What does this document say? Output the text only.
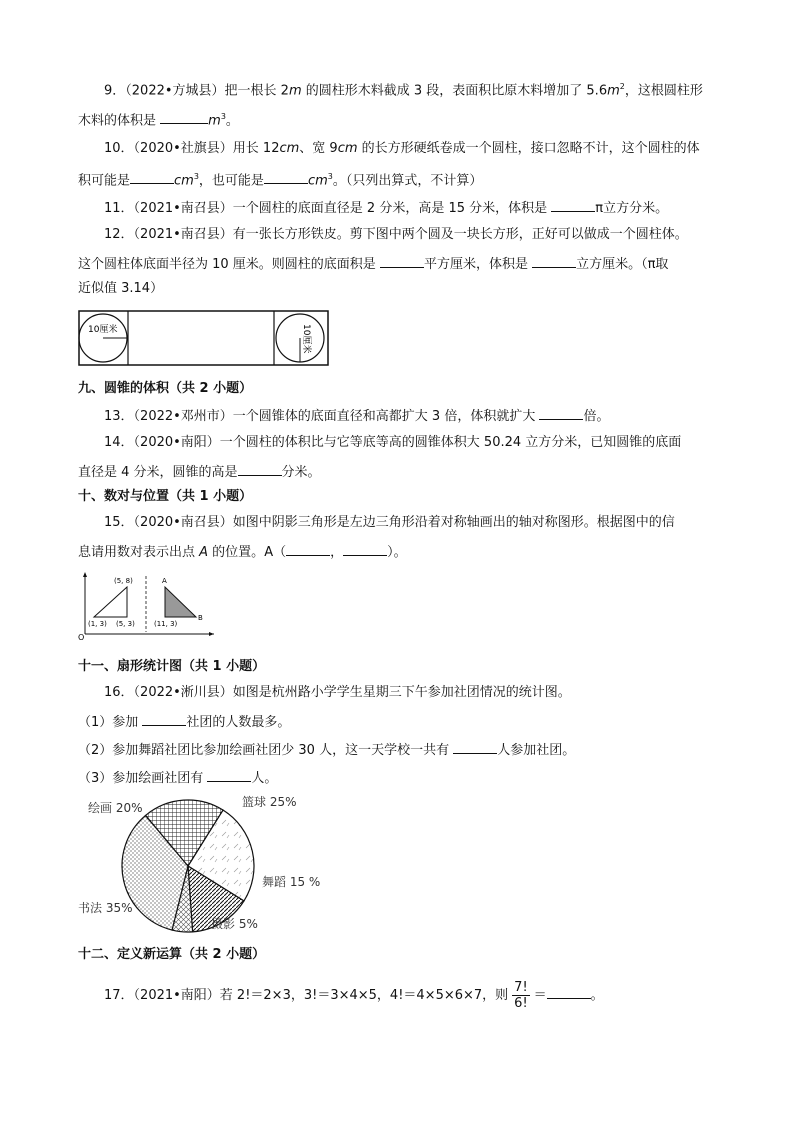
9．（2022•方城县）把一根长 2m 的圆柱形木料截成 3 段，表面积比原木料增加了 $5.6m^2$，这根圆柱形
木料的体积是	$m^3$。
10．（2020•社旗县）用长 12cm、宽 9cm 的长方形硬纸卷成一个圆柱，接口忽略不计，这个圆柱的体
积可能是	$cm^3$，也可能是	$cm^3$。（只列出算式，不计算）
11．（2021•南召县）一个圆柱的底面直径是 2 分米，高是 15 分米，体积是	π立方分米。
12．（2021•南召县）有一张长方形铁皮。剪下图中两个圆及一块长方形，正好可以做成一个圆柱体。
这个圆柱体底面半径为 10 厘米。则圆柱的底面积是	平方厘米，体积是	立方厘米。（π取
近似值 3.14）
10厘米	10厘米
九、圆锥的体积（共 2 小题）
13．（2022•邓州市）一个圆锥体的底面直径和高都扩大 3 倍，体积就扩大	倍。
14．（2020•南阳）一个圆柱的体积比与它等底等高的圆锥体积大 50.24 立方分米，已知圆锥的底面
直径是 4 分米，圆锥的高是	分米。
十、数对与位置（共 1 小题）
15．（2020•南召县）如图中阴影三角形是左边三角形沿着对称轴画出的轴对称图形。根据图中的信
息请用数对表示出点 A 的位置。A（	，	）。
O
(5, 8)
(1, 3) (5, 3)
A
B
(11, 3)
十一、扇形统计图（共 1 小题）
16．（2022•淅川县）如图是杭州路小学学生星期三下午参加社团情况的统计图。
（1）参加	社团的人数最多。
（2）参加舞蹈社团比参加绘画社团少 30 人，这一天学校一共有	人参加社团。
（3）参加绘画社团有	人。
篮球 25%
舞蹈 15 %
摄影 5%
书法 35%
绘画 20%
十二、定义新运算（共 2 小题）
17．（2021•南阳）若 2!＝2×3，3!＝3×4×5，4!＝4×5×6×7，则 $\frac{7!}{6!}$ ＝	。
